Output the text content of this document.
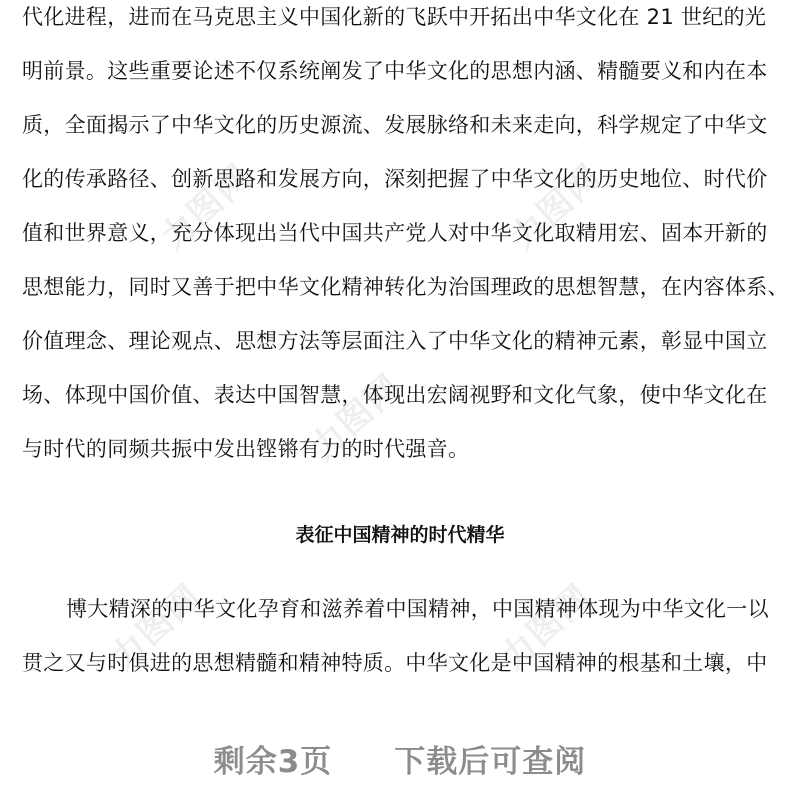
力图网	力图网
力图网
力图网	力图网
代化进程，进而在马克思主义中国化新的飞跃中开拓出中华文化在 21 世纪的光
明前景。这些重要论述不仅系统阐发了中华文化的思想内涵、精髓要义和内在本
质，全面揭示了中华文化的历史源流、发展脉络和未来走向，科学规定了中华文
化的传承路径、创新思路和发展方向，深刻把握了中华文化的历史地位、时代价
值和世界意义，充分体现出当代中国共产党人对中华文化取精用宏、固本开新的
思想能力，同时又善于把中华文化精神转化为治国理政的思想智慧，在内容体系、
价值理念、理论观点、思想方法等层面注入了中华文化的精神元素，彰显中国立
场、体现中国价值、表达中国智慧，体现出宏阔视野和文化气象，使中华文化在
与时代的同频共振中发出铿锵有力的时代强音。
表征中国精神的时代精华
博大精深的中华文化孕育和滋养着中国精神，中国精神体现为中华文化一以
贯之又与时俱进的思想精髓和精神特质。中华文化是中国精神的根基和土壤，中
剩余3页 下载后可查阅
